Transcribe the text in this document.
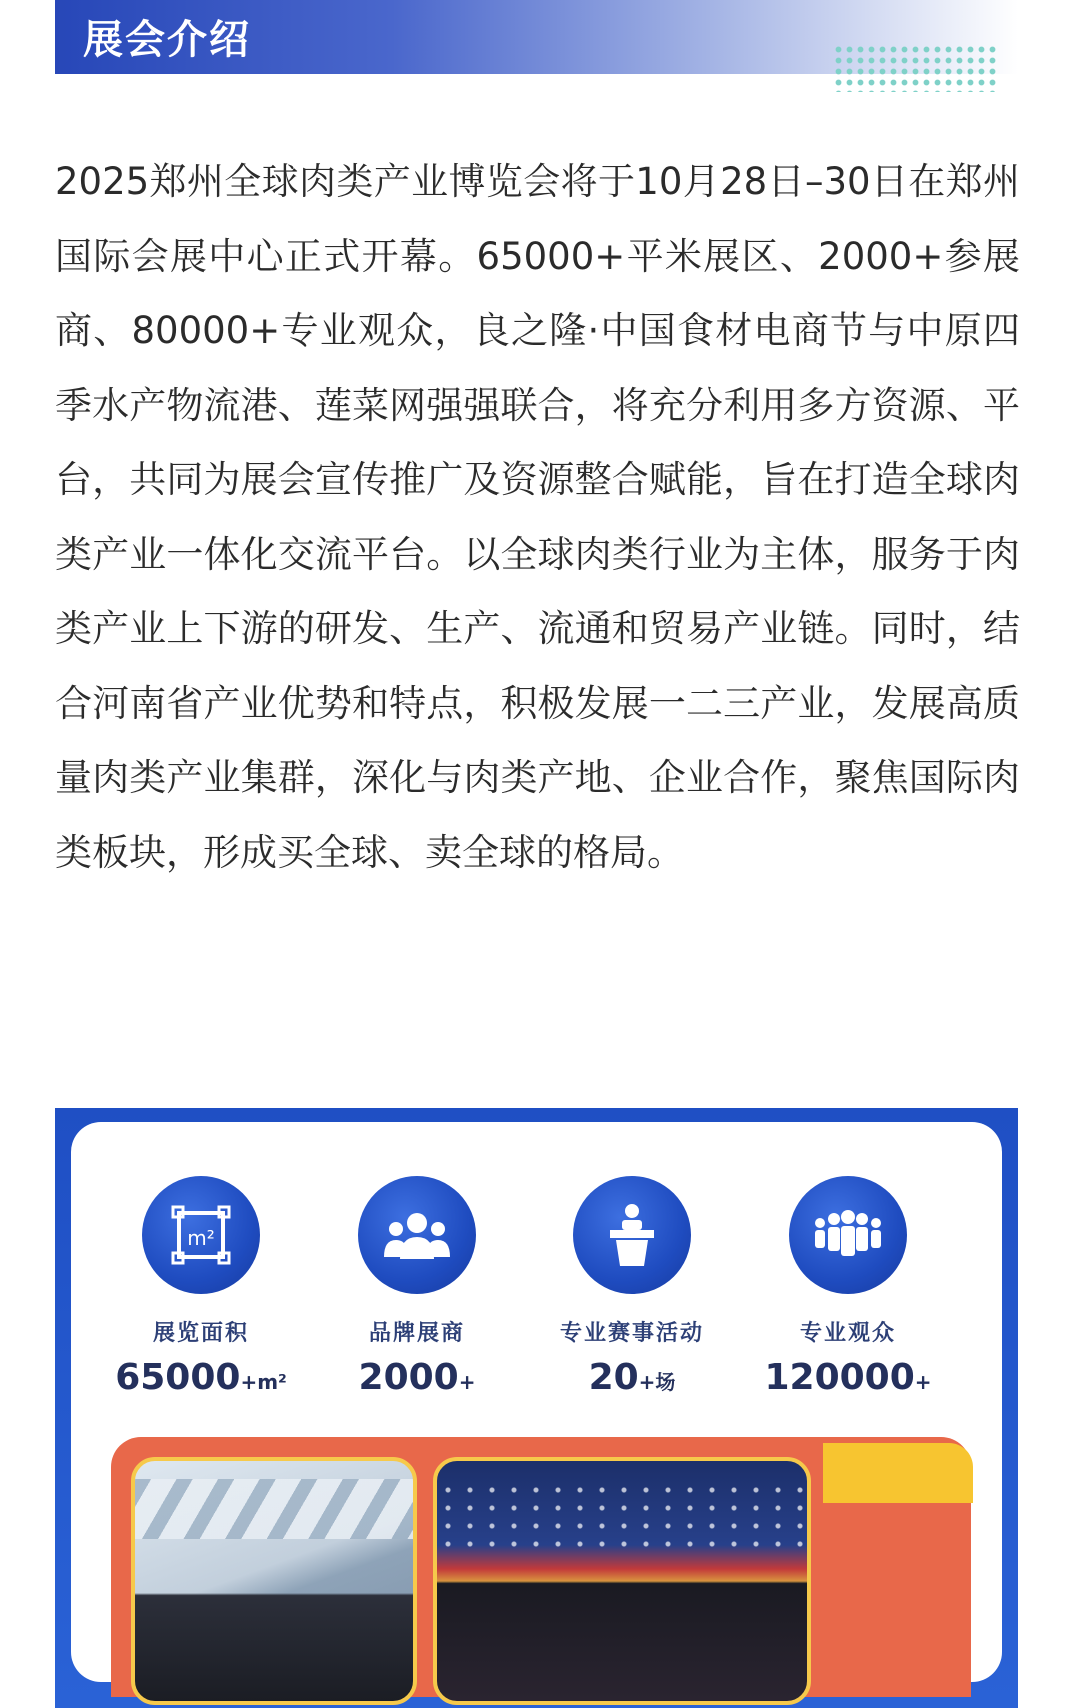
展会介绍

2025郑州全球肉类产业博览会将于10月28日–30日在郑州国际会展中心正式开幕。65000+平米展区、2000+参展商、80000+专业观众，良之隆·中国食材电商节与中原四季水产物流港、莲菜网强强联合，将充分利用多方资源、平台，共同为展会宣传推广及资源整合赋能，旨在打造全球肉类产业一体化交流平台。以全球肉类行业为主体，服务于肉类产业上下游的研发、生产、流通和贸易产业链。同时，结合河南省产业优势和特点，积极发展一二三产业，发展高质量肉类产业集群，深化与肉类产地、企业合作，聚焦国际肉类板块，形成买全球、卖全球的格局。

m²
展览面积
65000+m²
品牌展商
2000+
专业赛事活动
20+场
专业观众
120000+
